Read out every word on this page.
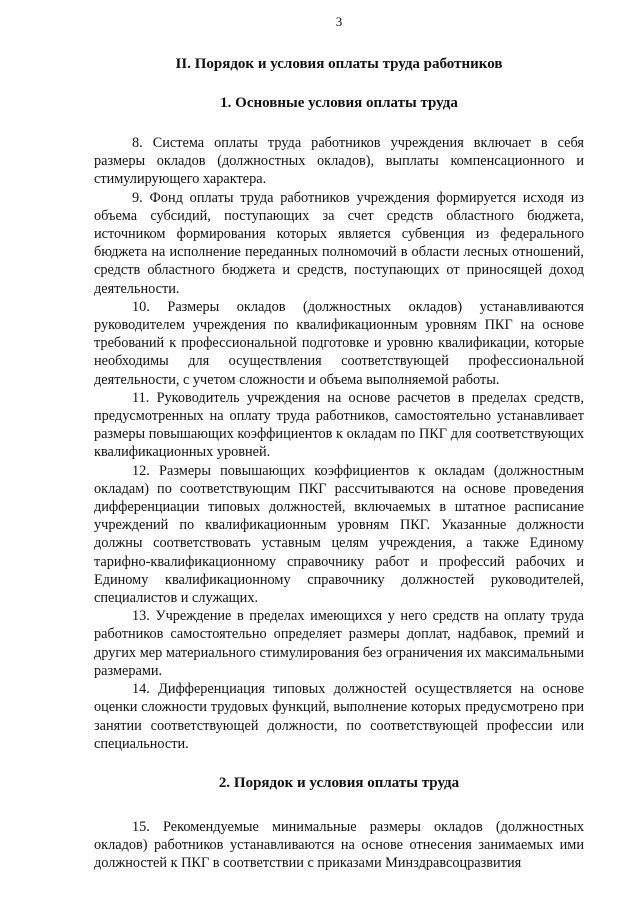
3
II. Порядок и условия оплаты труда работников
1. Основные условия оплаты труда

8. Система оплаты труда работников учреждения включает в себя размеры окладов (должностных окладов), выплаты компенсационного и стимулирующего характера.

9. Фонд оплаты труда работников учреждения формируется исходя из объема субсидий, поступающих за счет средств областного бюджета, источником формирования которых является субвенция из федерального бюджета на исполнение переданных полномочий в области лесных отношений, средств областного бюджета и средств, поступающих от приносящей доход деятельности.

10. Размеры окладов (должностных окладов) устанавливаются руководителем учреждения по квалификационным уровням ПКГ на основе требований к профессиональной подготовке и уровню квалификации, которые необходимы для осуществления соответствующей профессиональной деятельности, с учетом сложности и объема выполняемой работы.

11. Руководитель учреждения на основе расчетов в пределах средств, предусмотренных на оплату труда работников, самостоятельно устанавливает размеры повышающих коэффициентов к окладам по ПКГ для соответствующих квалификационных уровней.

12. Размеры повышающих коэффициентов к окладам (должностным окладам) по соответствующим ПКГ рассчитываются на основе проведения дифференциации типовых должностей, включаемых в штатное расписание учреждений по квалификационным уровням ПКГ. Указанные должности должны соответствовать уставным целям учреждения, а также Единому тарифно-квалификационному справочнику работ и профессий рабочих и Единому квалификационному справочнику должностей руководителей, специалистов и служащих.

13. Учреждение в пределах имеющихся у него средств на оплату труда работников самостоятельно определяет размеры доплат, надбавок, премий и других мер материального стимулирования без ограничения их максимальными размерами.

14. Дифференциация типовых должностей осуществляется на основе оценки сложности трудовых функций, выполнение которых предусмотрено при занятии соответствующей должности, по соответствующей профессии или специальности.

2. Порядок и условия оплаты труда

15. Рекомендуемые минимальные размеры окладов (должностных окладов) работников устанавливаются на основе отнесения занимаемых ими должностей к ПКГ в соответствии с приказами Минздравсоцразвития
